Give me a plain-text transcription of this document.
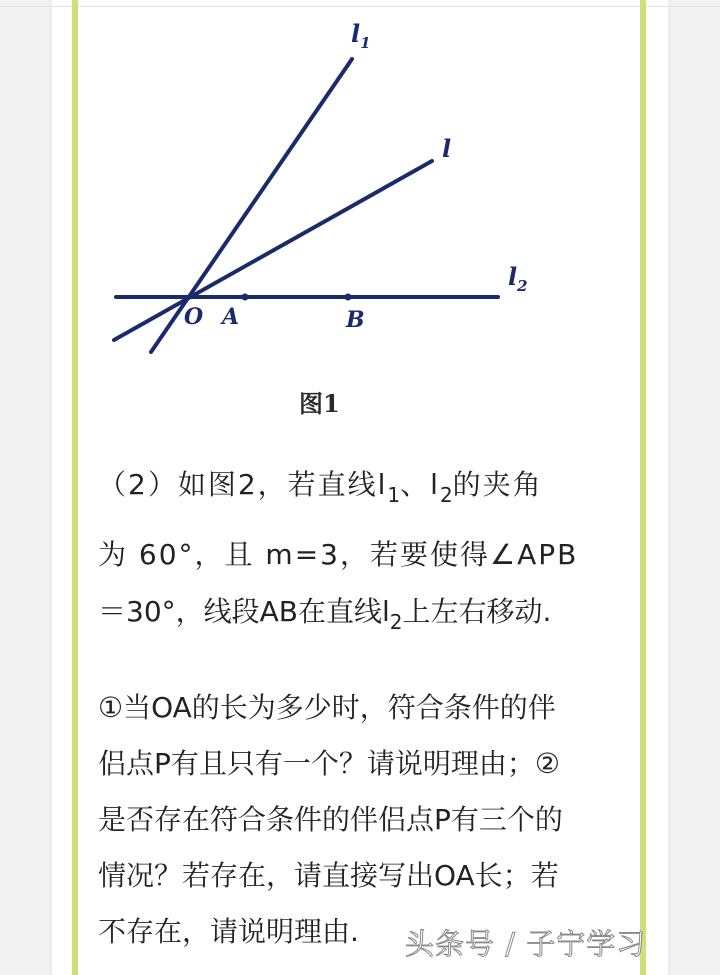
$l_1$
l
$l_2$
O A	B
图1
（2）如图2，若直线$l_1$、$l_2$的夹角
为 60°，且 m=3，若要使得∠APB
＝30°，线段AB在直线$l_2$上左右移动.
①当OA的长为多少时，符合条件的伴
侣点P有且只有一个？请说明理由；②
是否存在符合条件的伴侣点P有三个的
情况？若存在，请直接写出OA长；若
不存在，请说明理由. 头条号 / 子宁学习
